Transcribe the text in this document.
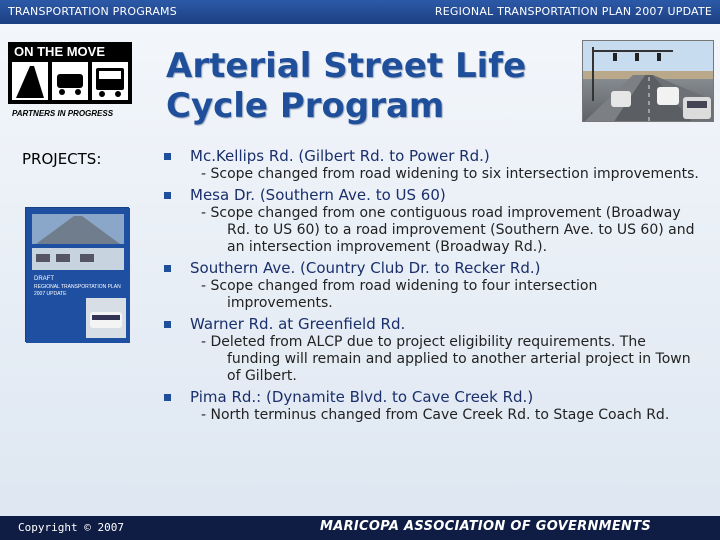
TRANSPORTATION PROGRAMS	REGIONAL TRANSPORTATION PLAN 2007 UPDATE
ON THE MOVE
PARTNERS IN PROGRESS
Arterial Street Life
Cycle Program
PROJECTS:
DRAFT
REGIONAL TRANSPORTATION PLAN
2007 UPDATE
Mc.Kellips Rd. (Gilbert Rd. to Power Rd.)
- Scope changed from road widening to six intersection improvements.
Mesa Dr. (Southern Ave. to US 60)
- Scope changed from one contiguous road improvement (Broadway Rd. to US 60) to a road improvement (Southern Ave. to US 60) and an intersection improvement (Broadway Rd.).
Southern Ave. (Country Club Dr. to Recker Rd.)
- Scope changed from road widening to four intersection improvements.
Warner Rd. at Greenfield Rd.
- Deleted from ALCP due to project eligibility requirements. The funding will remain and applied to another arterial project in Town of Gilbert.
Pima Rd.: (Dynamite Blvd. to Cave Creek Rd.)
- North terminus changed from Cave Creek Rd. to Stage Coach Rd.
Copyright © 2007	MARICOPA ASSOCIATION OF GOVERNMENTS
